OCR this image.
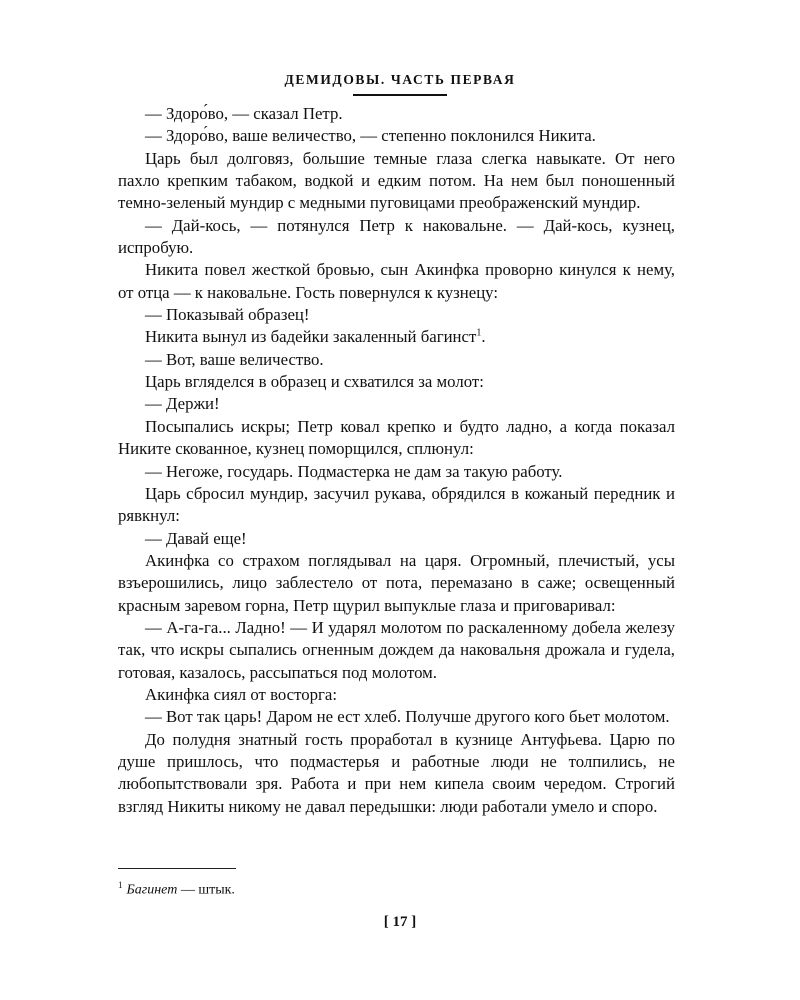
ДЕМИДОВЫ. ЧАСТЬ ПЕРВАЯ

— Здоро́во, — сказал Петр.

— Здоро́во, ваше величество, — степенно поклонился Никита.

Царь был долговяз, большие темные глаза слегка навыкате. От него пахло крепким табаком, водкой и едким потом. На нем был поношенный темно-зеленый мундир с медными пуговицами преображенский мундир.

— Дай-кось, — потянулся Петр к наковальне. — Дай-кось, кузнец, испробую.

Никита повел жесткой бровью, сын Акинфка проворно кинулся к нему, от отца — к наковальне. Гость повернулся к кузнецу:

— Показывай образец!

Никита вынул из бадейки закаленный багинст$^1$.

— Вот, ваше величество.

Царь вгляделся в образец и схватился за молот:

— Держи!

Посыпались искры; Петр ковал крепко и будто ладно, а когда показал Никите скованное, кузнец поморщился, сплюнул:

— Негоже, государь. Подмастерка не дам за такую работу.

Царь сбросил мундир, засучил рукава, обрядился в кожаный передник и рявкнул:

— Давай еще!

Акинфка со страхом поглядывал на царя. Огромный, плечистый, усы взъерошились, лицо заблестело от пота, перемазано в саже; освещенный красным заревом горна, Петр щурил выпуклые глаза и приговаривал:

— А-га-га... Ладно! — И ударял молотом по раскаленному добела железу так, что искры сыпались огненным дождем да наковальня дрожала и гудела, готовая, казалось, рассыпаться под молотом.

Акинфка сиял от восторга:

— Вот так царь! Даром не ест хлеб. Получше другого кого бьет молотом.

До полудня знатный гость проработал в кузнице Антуфьева. Царю по душе пришлось, что подмастерья и работные люди не толпились, не любопытствовали зря. Работа и при нем кипела своим чередом. Строгий взгляд Никиты никому не давал передышки: люди работали умело и споро.

$^1$ Багинет — штык.
[ 17 ]
